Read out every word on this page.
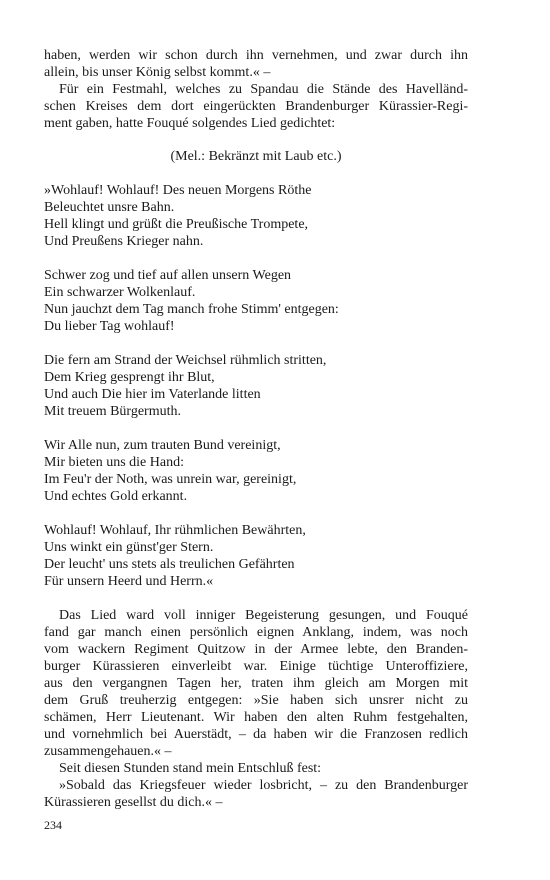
haben, werden wir schon durch ihn vernehmen, und zwar durch ihn
allein, bis unser König selbst kommt.« –
Für ein Festmahl, welches zu Spandau die Stände des Havelländ-
schen Kreises dem dort eingerückten Brandenburger Kürassier-Regi-
ment gaben, hatte Fouqué solgendes Lied gedichtet:
(Mel.: Bekränzt mit Laub etc.)
»Wohlauf! Wohlauf! Des neuen Morgens Röthe
Beleuchtet unsre Bahn.
Hell klingt und grüßt die Preußische Trompete,
Und Preußens Krieger nahn.
Schwer zog und tief auf allen unsern Wegen
Ein schwarzer Wolkenlauf.
Nun jauchzt dem Tag manch frohe Stimm' entgegen:
Du lieber Tag wohlauf!
Die fern am Strand der Weichsel rühmlich stritten,
Dem Krieg gesprengt ihr Blut,
Und auch Die hier im Vaterlande litten
Mit treuem Bürgermuth.
Wir Alle nun, zum trauten Bund vereinigt,
Mir bieten uns die Hand:
Im Feu'r der Noth, was unrein war, gereinigt,
Und echtes Gold erkannt.
Wohlauf! Wohlauf, Ihr rühmlichen Bewährten,
Uns winkt ein günst'ger Stern.
Der leucht' uns stets als treulichen Gefährten
Für unsern Heerd und Herrn.«
Das Lied ward voll inniger Begeisterung gesungen, und Fouqué
fand gar manch einen persönlich eignen Anklang, indem, was noch
vom wackern Regiment Quitzow in der Armee lebte, den Branden-
burger Kürassieren einverleibt war. Einige tüchtige Unteroffiziere,
aus den vergangnen Tagen her, traten ihm gleich am Morgen mit
dem Gruß treuherzig entgegen: »Sie haben sich unsrer nicht zu
schämen, Herr Lieutenant. Wir haben den alten Ruhm festgehalten,
und vornehmlich bei Auerstädt, – da haben wir die Franzosen redlich
zusammengehauen.« –
Seit diesen Stunden stand mein Entschluß fest:
»Sobald das Kriegsfeuer wieder losbricht, – zu den Brandenburger
Kürassieren gesellst du dich.« –
234
